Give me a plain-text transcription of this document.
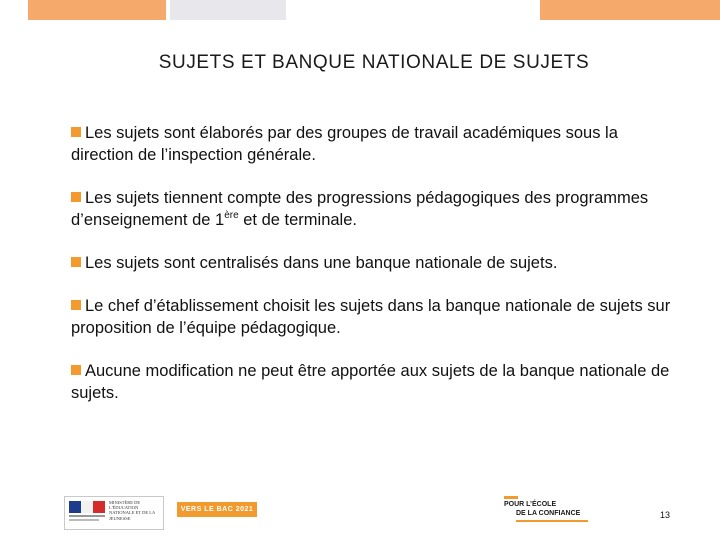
SUJETS ET BANQUE NATIONALE DE SUJETS
Les sujets sont élaborés par des groupes de travail académiques sous la direction de l’inspection générale.
Les sujets tiennent compte des progressions pédagogiques des programmes d’enseignement de 1ère et de terminale.
Les sujets sont centralisés dans une banque nationale de sujets.
Le chef d’établissement choisit les sujets dans la banque nationale de sujets sur proposition de l’équipe pédagogique.
Aucune modification ne peut être apportée aux sujets de la banque nationale de sujets.
MINISTÈRE DE L'ÉDUCATION NATIONALE ET DE LA JEUNESSE
VERS LE BAC 2021
POUR L’ÉCOLE
DE LA CONFIANCE	13
